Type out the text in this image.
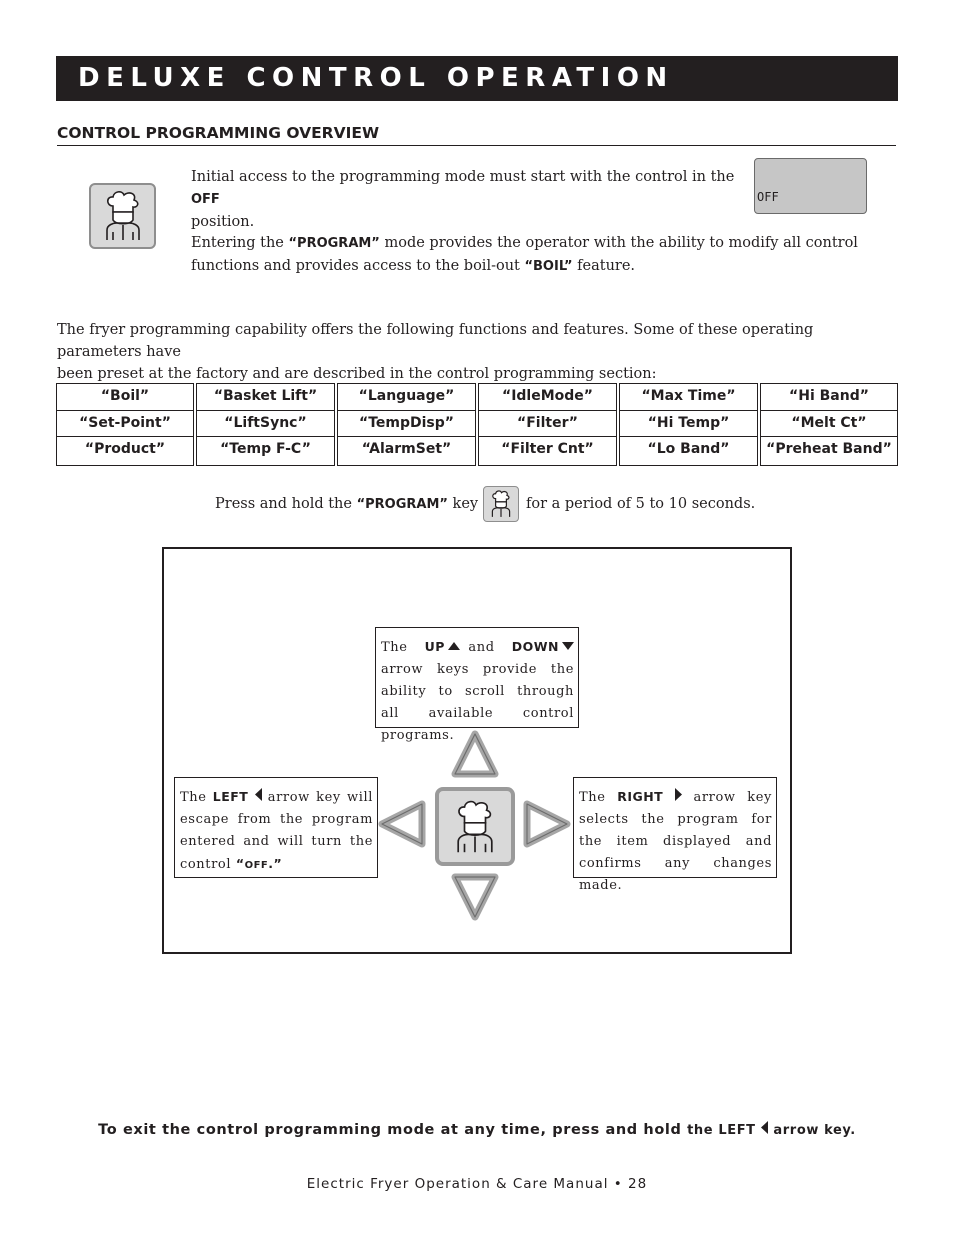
DELUXE CONTROL OPERATION
CONTROL PROGRAMMING OVERVIEW
Initial access to the programming mode must start with the control in the OFF
position.
OFF
Entering the “PROGRAM” mode provides the operator with the ability to modify all control
functions and provides access to the boil-out “BOIL” feature.
The fryer programming capability offers the following functions and features. Some of these operating parameters have
been preset at the factory and are described in the control programming section:
“Boil”
“Set-Point”
“Product”
“Basket Lift”
“LiftSync”
“Temp F-C”
“Language”
“TempDisp”
“AlarmSet”
“IdleMode”
“Filter”
“Filter Cnt”
“Max Time”
“Hi Temp”
“Lo Band”
“Hi Band”
“Melt Ct”
“Preheat Band”
Press and hold the “PROGRAM” key	for a period of 5 to 10 seconds.
The  UP and  DOWN arrow keys provide the ability to scroll through all available control programs.
The LEFT  arrow key will escape from the program entered and will turn the control “OFF.”
The RIGHT  arrow key selects the program for the item displayed and confirms any changes made.
To exit the control programming mode at any time, press and hold the LEFT  arrow key.
Electric Fryer Operation & Care Manual • 28
